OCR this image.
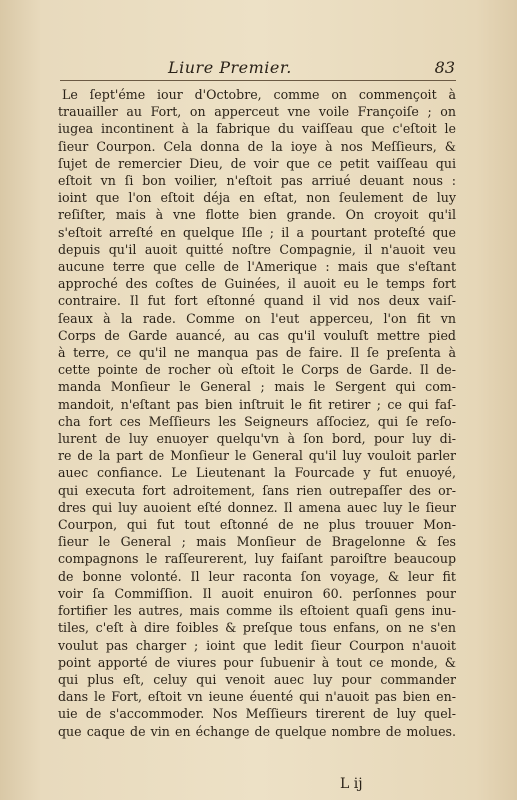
Liure Premier.	83
Le ſept'éme iour d'Octobre, comme on commençoit à
trauailler au Fort, on apperceut vne voile Françoiſe ; on
iugea incontinent à la fabrique du vaiſſeau que c'eſtoit le
ſieur Courpon. Cela donna de la ioye à nos Meſſieurs, &
ſujet de remercier Dieu, de voir que ce petit vaiſſeau qui
eſtoit vn ſi bon voilier, n'eſtoit pas arriué deuant nous :
ioint que l'on eſtoit déja en eſtat, non ſeulement de luy
reſiſter, mais à vne flotte bien grande. On croyoit qu'il
s'eſtoit arreſté en quelque Iſle ; il a pourtant proteſté que
depuis qu'il auoit quitté noſtre Compagnie, il n'auoit veu
aucune terre que celle de l'Amerique : mais que s'eſtant
approché des coſtes de Guinées, il auoit eu le temps fort
contraire. Il fut fort eſtonné quand il vid nos deux vaiſ-
ſeaux à la rade. Comme on l'eut apperceu, l'on fit vn
Corps de Garde auancé, au cas qu'il vouluſt mettre pied
à terre, ce qu'il ne manqua pas de faire. Il ſe preſenta à
cette pointe de rocher où eſtoit le Corps de Garde. Il de-
manda Monſieur le General ; mais le Sergent qui com-
mandoit, n'eſtant pas bien inſtruit le fit retirer ; ce qui faſ-
cha fort ces Meſſieurs les Seigneurs aſſociez, qui ſe reſo-
lurent de luy enuoyer quelqu'vn à ſon bord, pour luy di-
re de la part de Monſieur le General qu'il luy vouloit parler
auec confiance. Le Lieutenant la Fourcade y fut enuoyé,
qui executa fort adroitement, ſans rien outrepaſſer des or-
dres qui luy auoient eſté donnez. Il amena auec luy le ſieur
Courpon, qui fut tout eſtonné de ne plus trouuer Mon-
ſieur le General ; mais Monſieur de Bragelonne & ſes
compagnons le raſſeurerent, luy faiſant paroiſtre beaucoup
de bonne volonté. Il leur raconta ſon voyage, & leur fit
voir ſa Commiſſion. Il auoit enuiron 60. perſonnes pour
fortifier les autres, mais comme ils eſtoient quaſi gens inu-
tiles, c'eſt à dire foibles & preſque tous enfans, on ne s'en
voulut pas charger ; ioint que ledit ſieur Courpon n'auoit
point apporté de viures pour ſubuenir à tout ce monde, &
qui plus eſt, celuy qui venoit auec luy pour commander
dans le Fort, eſtoit vn ieune éuenté qui n'auoit pas bien en-
uie de s'accommoder. Nos Meſſieurs tirerent de luy quel-
que caque de vin en échange de quelque nombre de molues.
L ij
